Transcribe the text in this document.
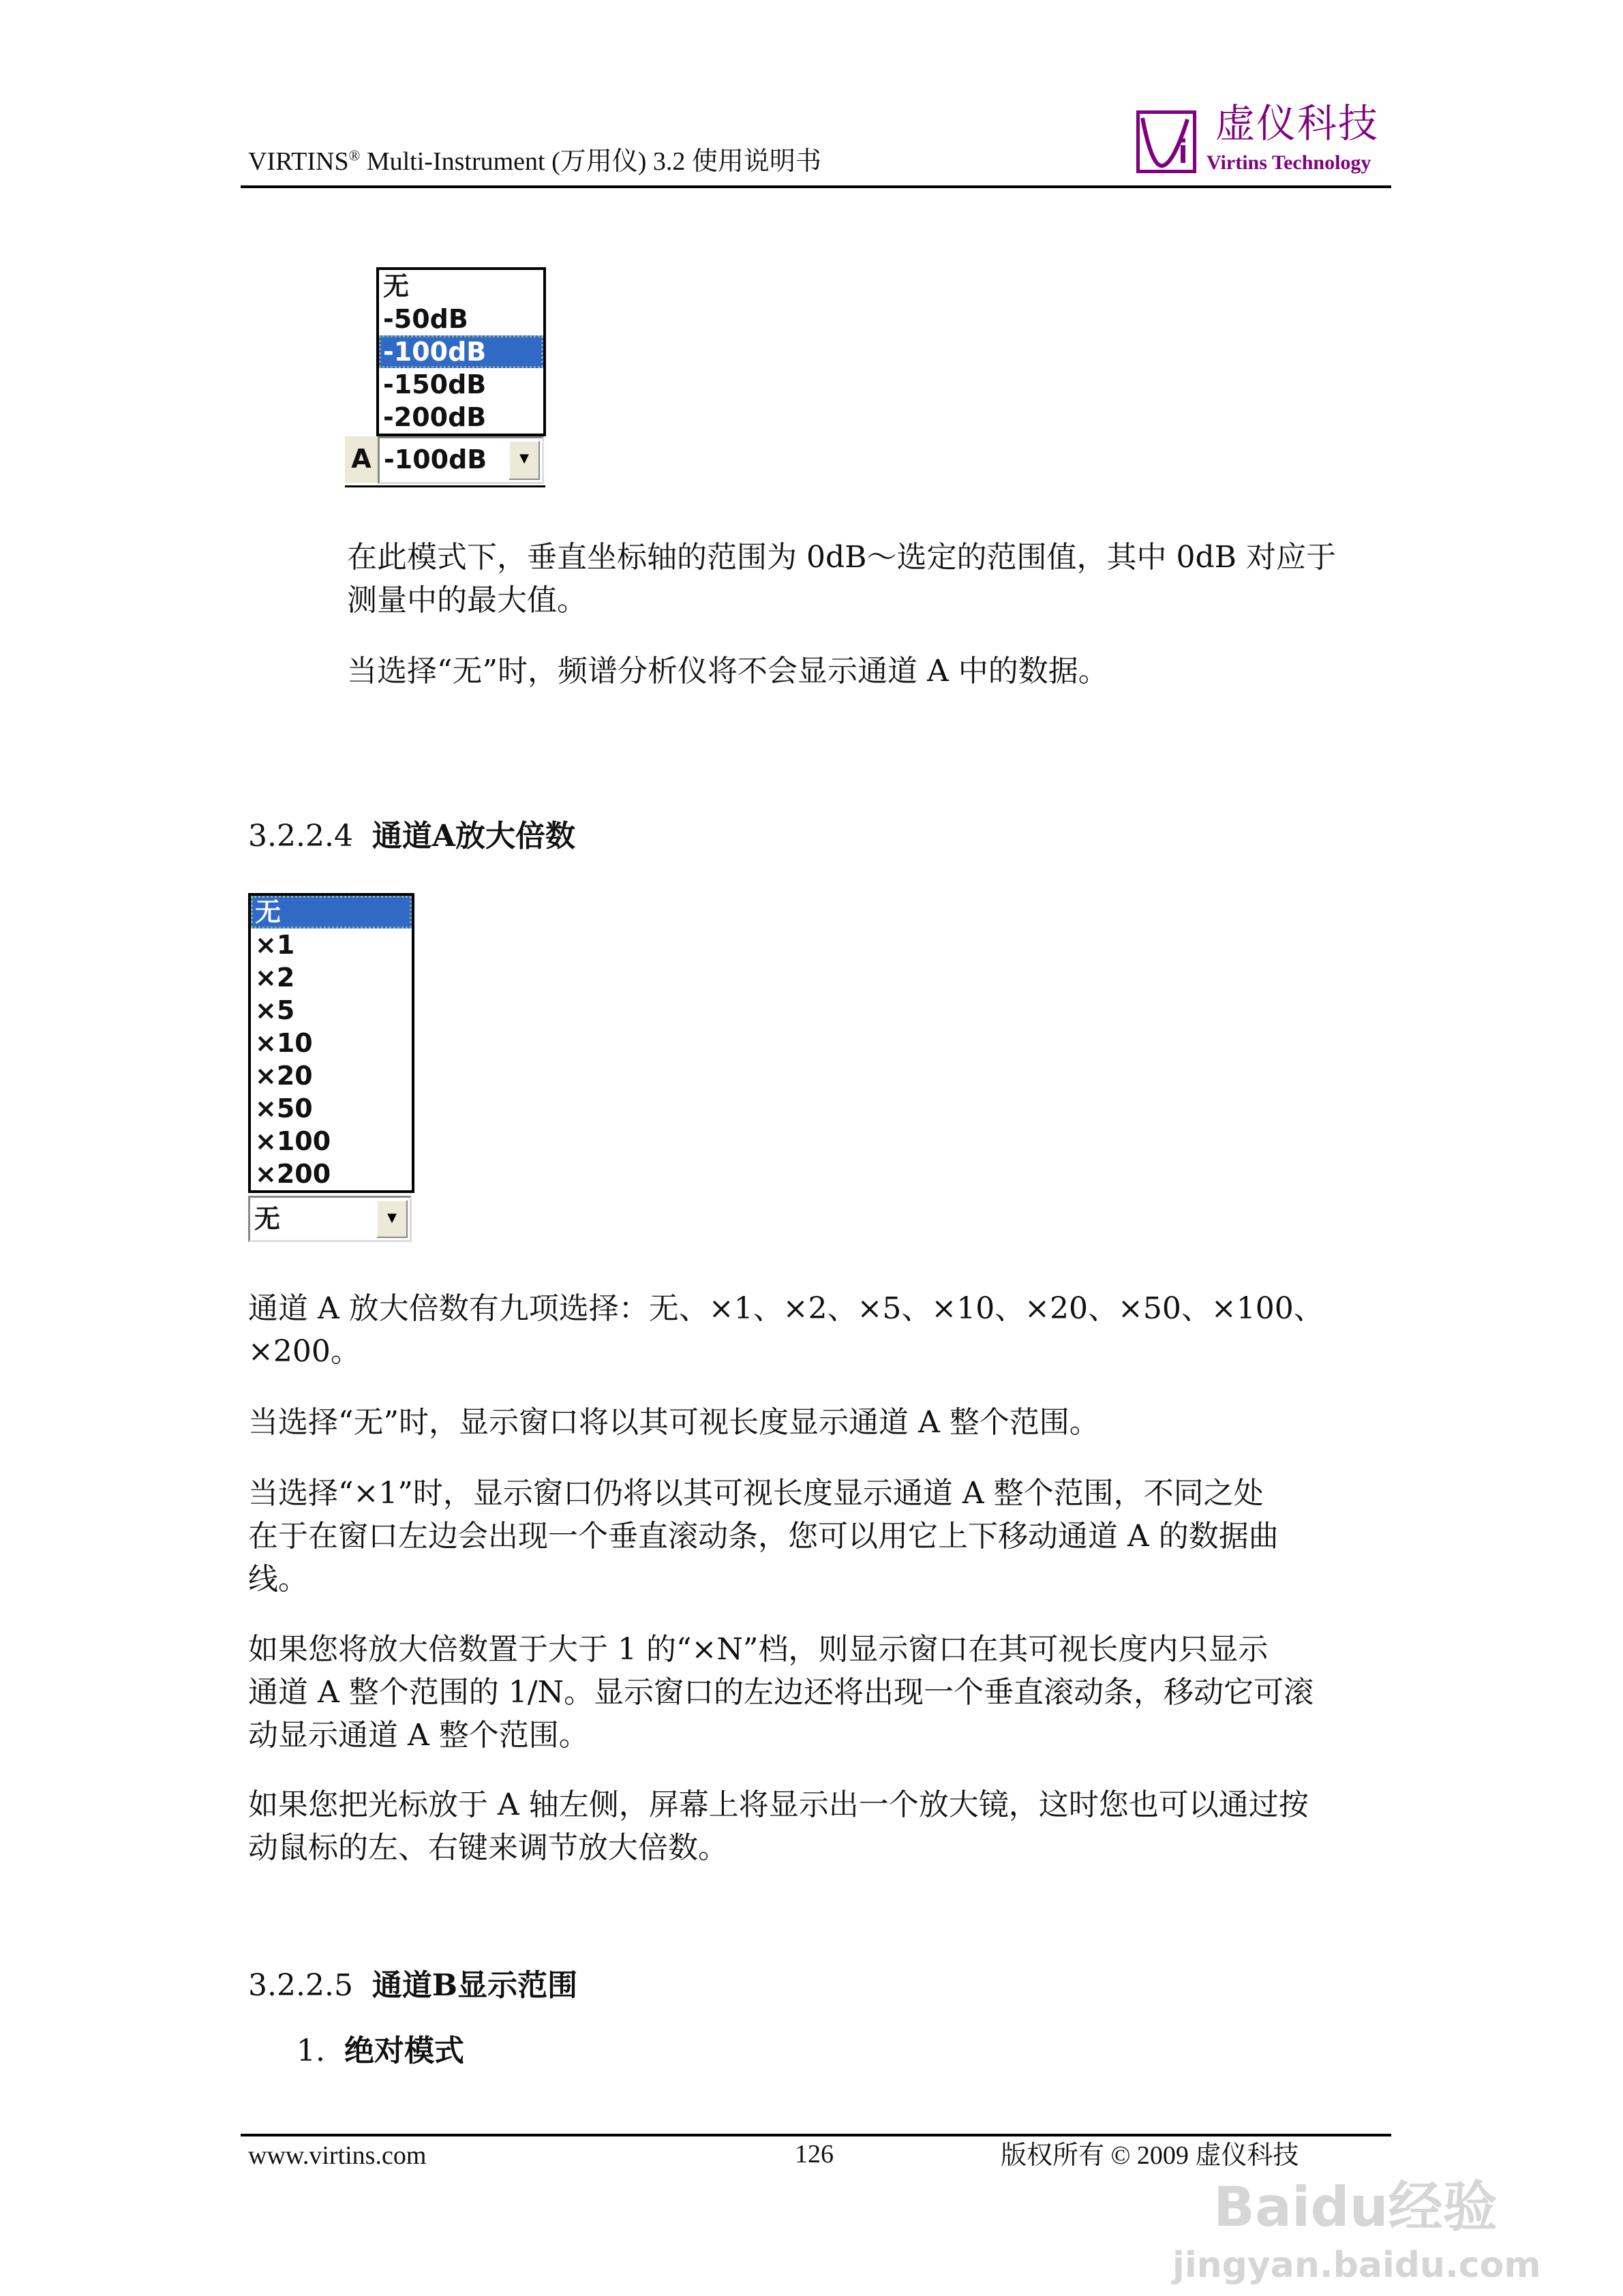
VIRTINS® Multi-Instrument (万用仪) 3.2 使用说明书
虚仪科技
Virtins Technology
无
-50dB
-100dB
-150dB
-200dB
A -100dB	▼
在此模式下，垂直坐标轴的范围为 0dB～选定的范围值，其中 0dB 对应于
测量中的最大值。
当选择“无”时，频谱分析仪将不会显示通道 A 中的数据。
3.2.2.4 通道A放大倍数
无
×1
×2
×5
×10
×20
×50
×100
×200
无	▼
通道 A 放大倍数有九项选择：无、×1、×2、×5、×10、×20、×50、×100、
×200。
当选择“无”时，显示窗口将以其可视长度显示通道 A 整个范围。
当选择“×1”时，显示窗口仍将以其可视长度显示通道 A 整个范围，不同之处
在于在窗口左边会出现一个垂直滚动条，您可以用它上下移动通道 A 的数据曲
线。
如果您将放大倍数置于大于 1 的“×N”档，则显示窗口在其可视长度内只显示
通道 A 整个范围的 1/N。显示窗口的左边还将出现一个垂直滚动条，移动它可滚
动显示通道 A 整个范围。
如果您把光标放于 A 轴左侧，屏幕上将显示出一个放大镜，这时您也可以通过按
动鼠标的左、右键来调节放大倍数。
3.2.2.5 通道B显示范围
1. 绝对模式
www.virtins.com	126	版权所有 © 2009 虚仪科技
Baidu经验
jingyan.baidu.com
